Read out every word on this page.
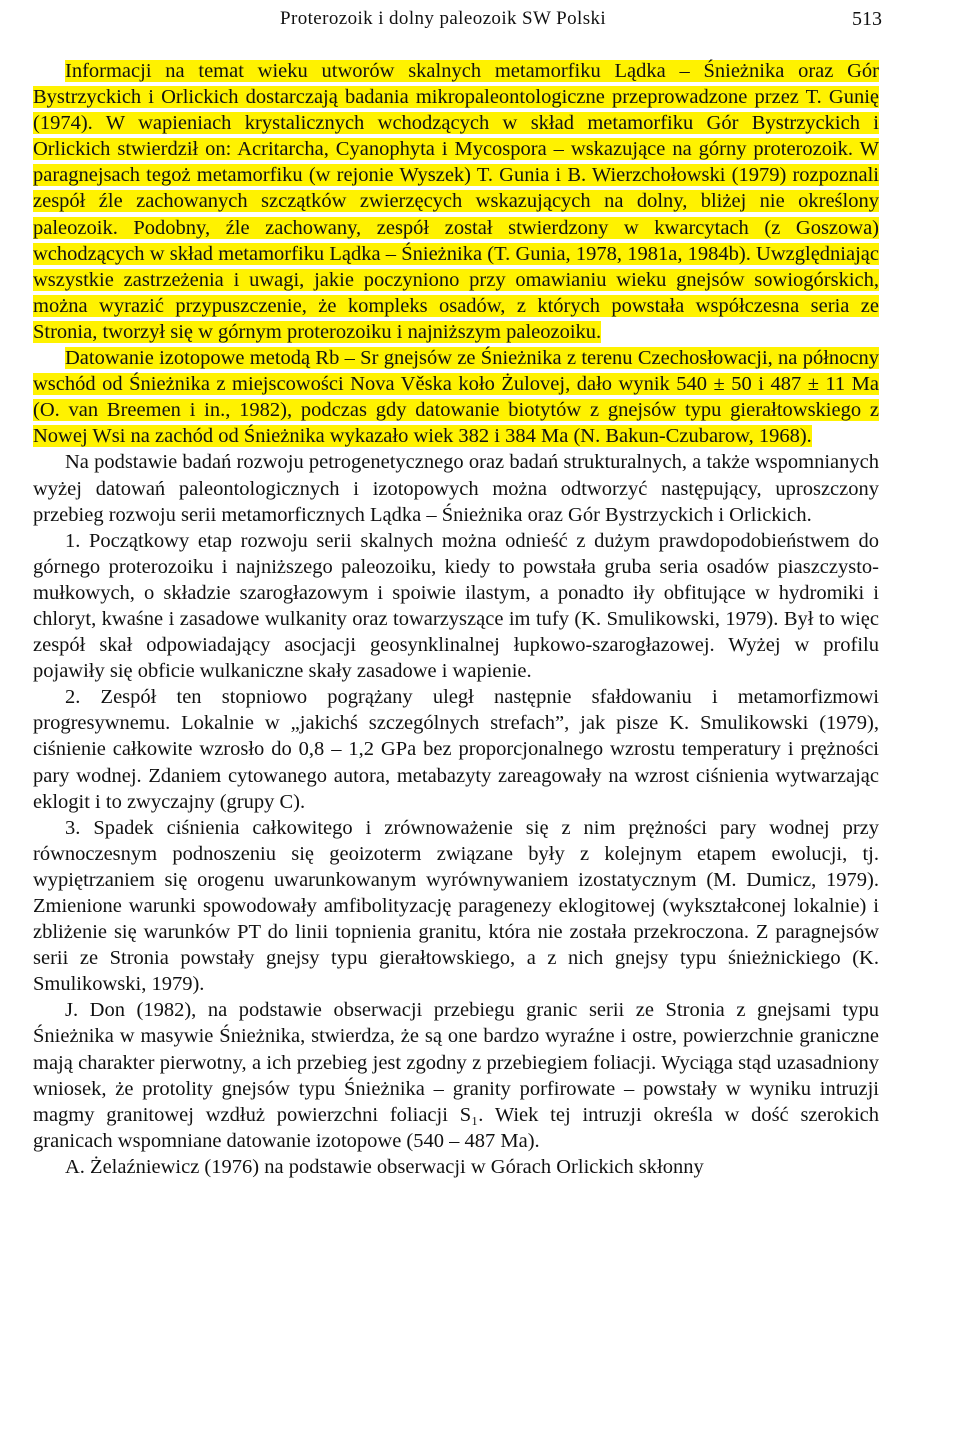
Proterozoik i dolny paleozoik SW Polski	513

Informacji na temat wieku utworów skalnych metamorfiku Lądka – Śnieżnika oraz Gór Bystrzyckich i Orlickich dostarczają badania mikropaleontologiczne przeprowadzone przez T. Gunię (1974). W wapieniach krystalicznych wchodzących w skład metamorfiku Gór Bystrzyckich i Orlickich stwierdził on: Acritarcha, Cyanophyta i Mycospora – wskazujące na górny proterozoik. W paragnejsach tegoż metamorfiku (w rejonie Wyszek) T. Gunia i B. Wierzchołowski (1979) rozpoznali zespół źle zachowanych szczątków zwierzęcych wskazujących na dolny, bliżej nie określony paleozoik. Podobny, źle zachowany, zespół został stwierdzony w kwarcytach (z Goszowa) wchodzących w skład metamorfiku Lądka – Śnieżnika (T. Gunia, 1978, 1981a, 1984b). Uwzględniając wszystkie zastrzeżenia i uwagi, jakie poczyniono przy omawianiu wieku gnejsów sowiogórskich, można wyrazić przypuszczenie, że kompleks osadów, z których powstała współczesna seria ze Stronia, tworzył się w górnym proterozoiku i najniższym paleozoiku.

Datowanie izotopowe metodą Rb – Sr gnejsów ze Śnieżnika z terenu Czechosłowacji, na północny wschód od Śnieżnika z miejscowości Nova Věska koło Żulovej, dało wynik 540 ± 50 i 487 ± 11 Ma (O. van Breemen i in., 1982), podczas gdy datowanie biotytów z gnejsów typu gierałtowskiego z Nowej Wsi na zachód od Śnieżnika wykazało wiek 382 i 384 Ma (N. Bakun-Czubarow, 1968).

Na podstawie badań rozwoju petrogenetycznego oraz badań strukturalnych, a także wspomnianych wyżej datowań paleontologicznych i izotopowych można odtworzyć następujący, uproszczony przebieg rozwoju serii metamorficznych Lądka – Śnieżnika oraz Gór Bystrzyckich i Orlickich.

1. Początkowy etap rozwoju serii skalnych można odnieść z dużym prawdopodobieństwem do górnego proterozoiku i najniższego paleozoiku, kiedy to powstała gruba seria osadów piaszczysto-mułkowych, o składzie szarogłazowym i spoiwie ilastym, a ponadto iły obfitujące w hydromiki i chloryt, kwaśne i zasadowe wulkanity oraz towarzyszące im tufy (K. Smulikowski, 1979). Był to więc zespół skał odpowiadający asocjacji geosynklinalnej łupkowo-szarogłazowej. Wyżej w profilu pojawiły się obficie wulkaniczne skały zasadowe i wapienie.

2. Zespół ten stopniowo pogrążany uległ następnie sfałdowaniu i metamorfizmowi progresywnemu. Lokalnie w „jakichś szczególnych strefach”, jak pisze K. Smulikowski (1979), ciśnienie całkowite wzrosło do 0,8 – 1,2 GPa bez proporcjonalnego wzrostu temperatury i prężności pary wodnej. Zdaniem cytowanego autora, metabazyty zareagowały na wzrost ciśnienia wytwarzając eklogit i to zwyczajny (grupy C).

3. Spadek ciśnienia całkowitego i zrównoważenie się z nim prężności pary wodnej przy równoczesnym podnoszeniu się geoizoterm związane były z kolejnym etapem ewolucji, tj. wypiętrzaniem się orogenu uwarunkowanym wyrównywaniem izostatycznym (M. Dumicz, 1979). Zmienione warunki spowodowały amfibolityzację paragenezy eklogitowej (wykształconej lokalnie) i zbliżenie się warunków PT do linii topnienia granitu, która nie została przekroczona. Z paragnejsów serii ze Stronia powstały gnejsy typu gierałtowskiego, a z nich gnejsy typu śnieżnickiego (K. Smulikowski, 1979).

J. Don (1982), na podstawie obserwacji przebiegu granic serii ze Stronia z gnejsami typu Śnieżnika w masywie Śnieżnika, stwierdza, że są one bardzo wyraźne i ostre, powierzchnie graniczne mają charakter pierwotny, a ich przebieg jest zgodny z przebiegiem foliacji. Wyciąga stąd uzasadniony wniosek, że protolity gnejsów typu Śnieżnika – granity porfirowate – powstały w wyniku intruzji magmy granitowej wzdłuż powierzchni foliacji S₁. Wiek tej intruzji określa w dość szerokich granicach wspomniane datowanie izotopowe (540 – 487 Ma).

A. Żelaźniewicz (1976) na podstawie obserwacji w Górach Orlickich skłonny
